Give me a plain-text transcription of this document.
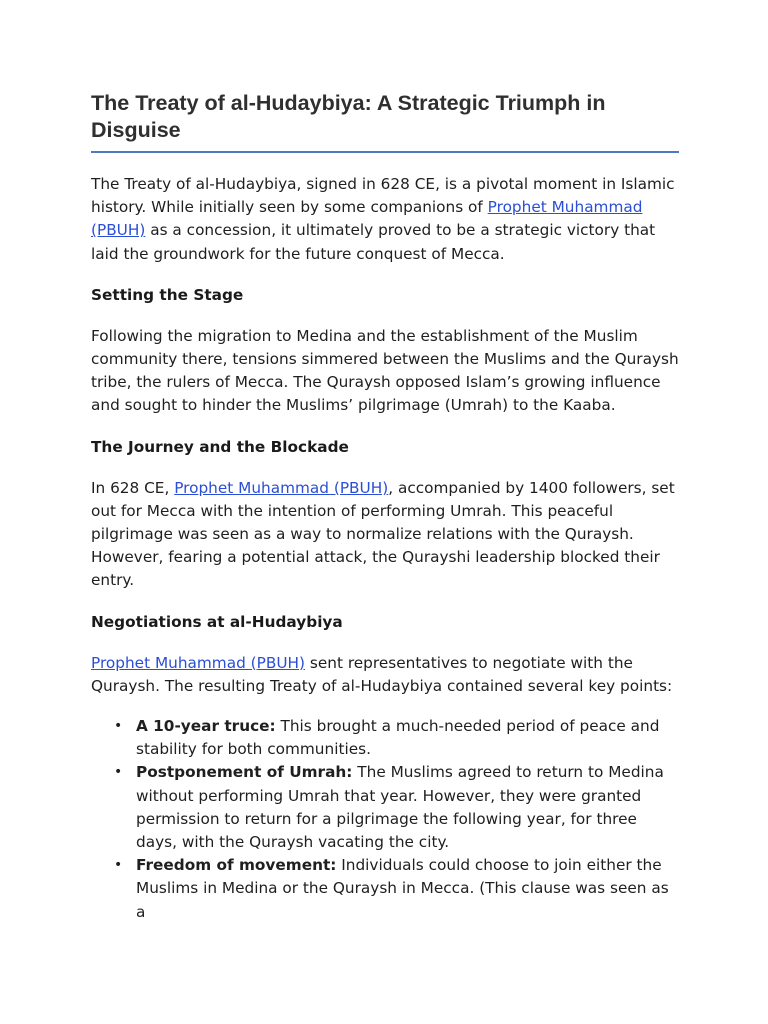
The Treaty of al-Hudaybiya: A Strategic Triumph in Disguise

The Treaty of al-Hudaybiya, signed in 628 CE, is a pivotal moment in Islamic history. While initially seen by some companions of Prophet Muhammad (PBUH) as a concession, it ultimately proved to be a strategic victory that laid the groundwork for the future conquest of Mecca.

Setting the Stage

Following the migration to Medina and the establishment of the Muslim community there, tensions simmered between the Muslims and the Quraysh tribe, the rulers of Mecca. The Quraysh opposed Islam’s growing influence and sought to hinder the Muslims’ pilgrimage (Umrah) to the Kaaba.

The Journey and the Blockade

In 628 CE, Prophet Muhammad (PBUH), accompanied by 1400 followers, set out for Mecca with the intention of performing Umrah. This peaceful pilgrimage was seen as a way to normalize relations with the Quraysh. However, fearing a potential attack, the Qurayshi leadership blocked their entry.

Negotiations at al-Hudaybiya

Prophet Muhammad (PBUH) sent representatives to negotiate with the Quraysh. The resulting Treaty of al-Hudaybiya contained several key points:

• A 10-year truce: This brought a much-needed period of peace and stability for both communities.
• Postponement of Umrah: The Muslims agreed to return to Medina without performing Umrah that year. However, they were granted permission to return for a pilgrimage the following year, for three days, with the Quraysh vacating the city.
• Freedom of movement: Individuals could choose to join either the Muslims in Medina or the Quraysh in Mecca. (This clause was seen as a
